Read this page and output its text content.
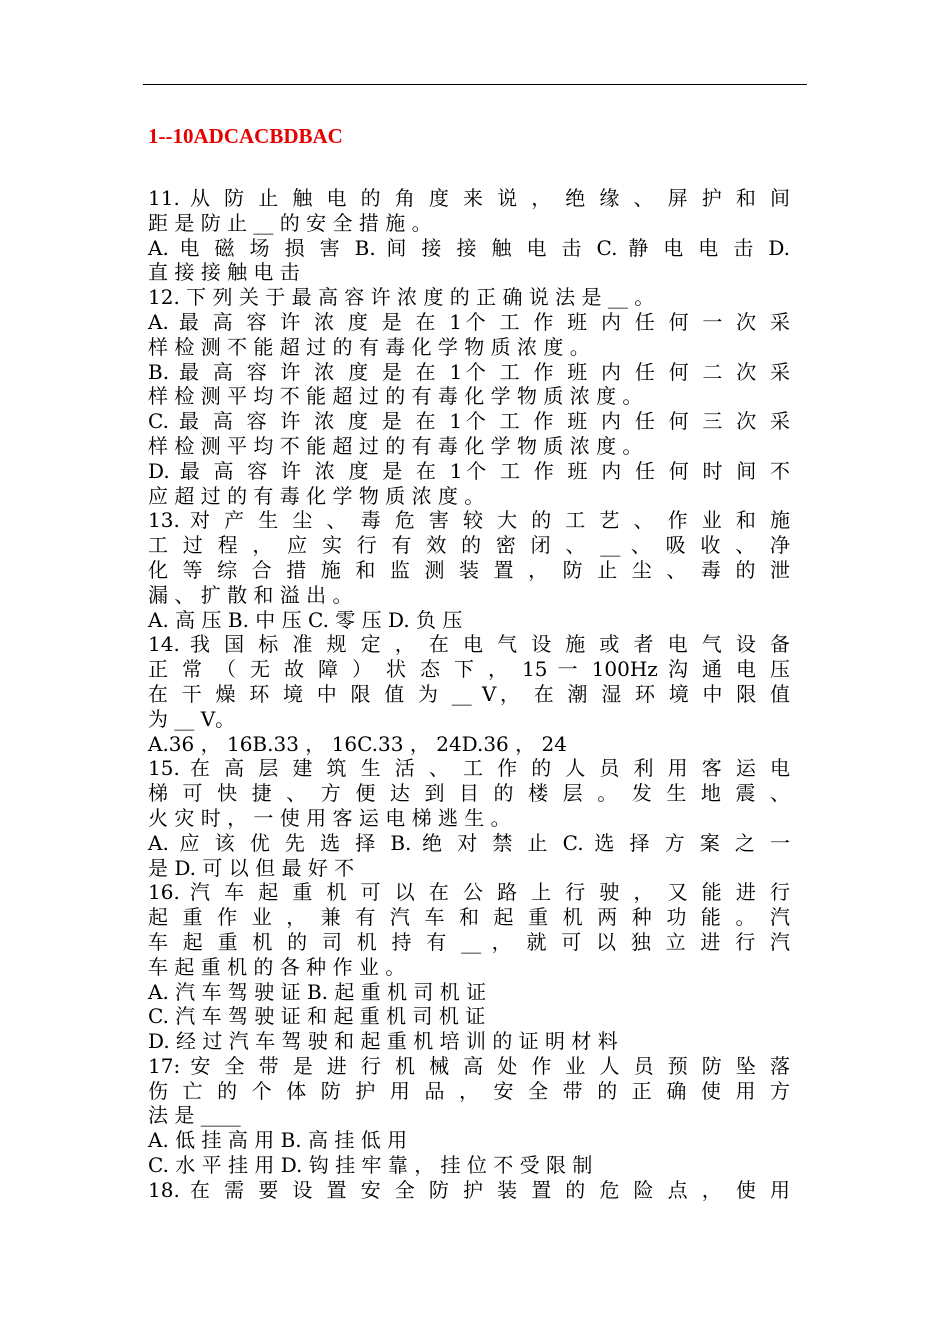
1--10ADCACBDBAC
11. 从 防 止 触 电 的 角 度 来 说 ， 绝 缘 、 屏 护 和 间
距 是 防 止 __ 的 安 全 措 施 。
A. 电 磁 场 损 害 B. 间 接 接 触 电 击 C. 静 电 电 击 D.
直 接 接 触 电 击
12. 下 列 关 于 最 高 容 许 浓 度 的 正 确 说 法 是 __ 。
A. 最 高 容 许 浓 度 是 在 1个 工 作 班 内 任 何 一 次 采
样 检 测 不 能 超 过 的 有 毒 化 学 物 质 浓 度 。
B. 最 高 容 许 浓 度 是 在 1个 工 作 班 内 任 何 二 次 采
样 检 测 平 均 不 能 超 过 的 有 毒 化 学 物 质 浓 度 。
C. 最 高 容 许 浓 度 是 在 1个 工 作 班 内 任 何 三 次 采
样 检 测 平 均 不 能 超 过 的 有 毒 化 学 物 质 浓 度 。
D. 最 高 容 许 浓 度 是 在 1个 工 作 班 内 任 何 时 间 不
应 超 过 的 有 毒 化 学 物 质 浓 度 。
13. 对 产 生 尘 、 毒 危 害 较 大 的 工 艺 、 作 业 和 施
工 过 程 ， 应 实 行 有 效 的 密 闭 、 __ 、 吸 收 、 净
化 等 综 合 措 施 和 监 测 装 置 ， 防 止 尘 、 毒 的 泄
漏 、 扩 散 和 溢 出 。
A. 高 压 B. 中 压 C. 零 压 D. 负 压
14. 我 国 标 准 规 定 ， 在 电 气 设 施 或 者 电 气 设 备
正 常 （ 无 故 障 ） 状 态 下 ， 15 一 100Hz 沟 通 电 压
在 干 燥 环 境 中 限 值 为 __ V， 在 潮 湿 环 境 中 限 值
为 __ V。
A.36 ， 16B.33 ， 16C.33 ， 24D.36 ， 24
15. 在 高 层 建 筑 生 活 、 工 作 的 人 员 利 用 客 运 电
梯 可 快 捷 、 方 便 达 到 目 的 楼 层 。 发 生 地 震 、
火 灾 时 ， 一 使 用 客 运 电 梯 逃 生 。
A. 应 该 优 先 选 择 B. 绝 对 禁 止 C. 选 择 方 案 之 一
是 D. 可 以 但 最 好 不
16. 汽 车 起 重 机 可 以 在 公 路 上 行 驶 ， 又 能 进 行
起 重 作 业 ， 兼 有 汽 车 和 起 重 机 两 种 功 能 。 汽
车 起 重 机 的 司 机 持 有 __ ， 就 可 以 独 立 进 行 汽
车 起 重 机 的 各 种 作 业 。
A. 汽 车 驾 驶 证 B. 起 重 机 司 机 证
C. 汽 车 驾 驶 证 和 起 重 机 司 机 证
D. 经 过 汽 车 驾 驶 和 起 重 机 培 训 的 证 明 材 料
17: 安 全 带 是 进 行 机 械 高 处 作 业 人 员 预 防 坠 落
伤 亡 的 个 体 防 护 用 品 ， 安 全 带 的 正 确 使 用 方
法 是 ____
A. 低 挂 高 用 B. 高 挂 低 用
C. 水 平 挂 用 D. 钩 挂 牢 靠 ， 挂 位 不 受 限 制
18. 在 需 要 设 置 安 全 防 护 装 置 的 危 险 点 ， 使 用
